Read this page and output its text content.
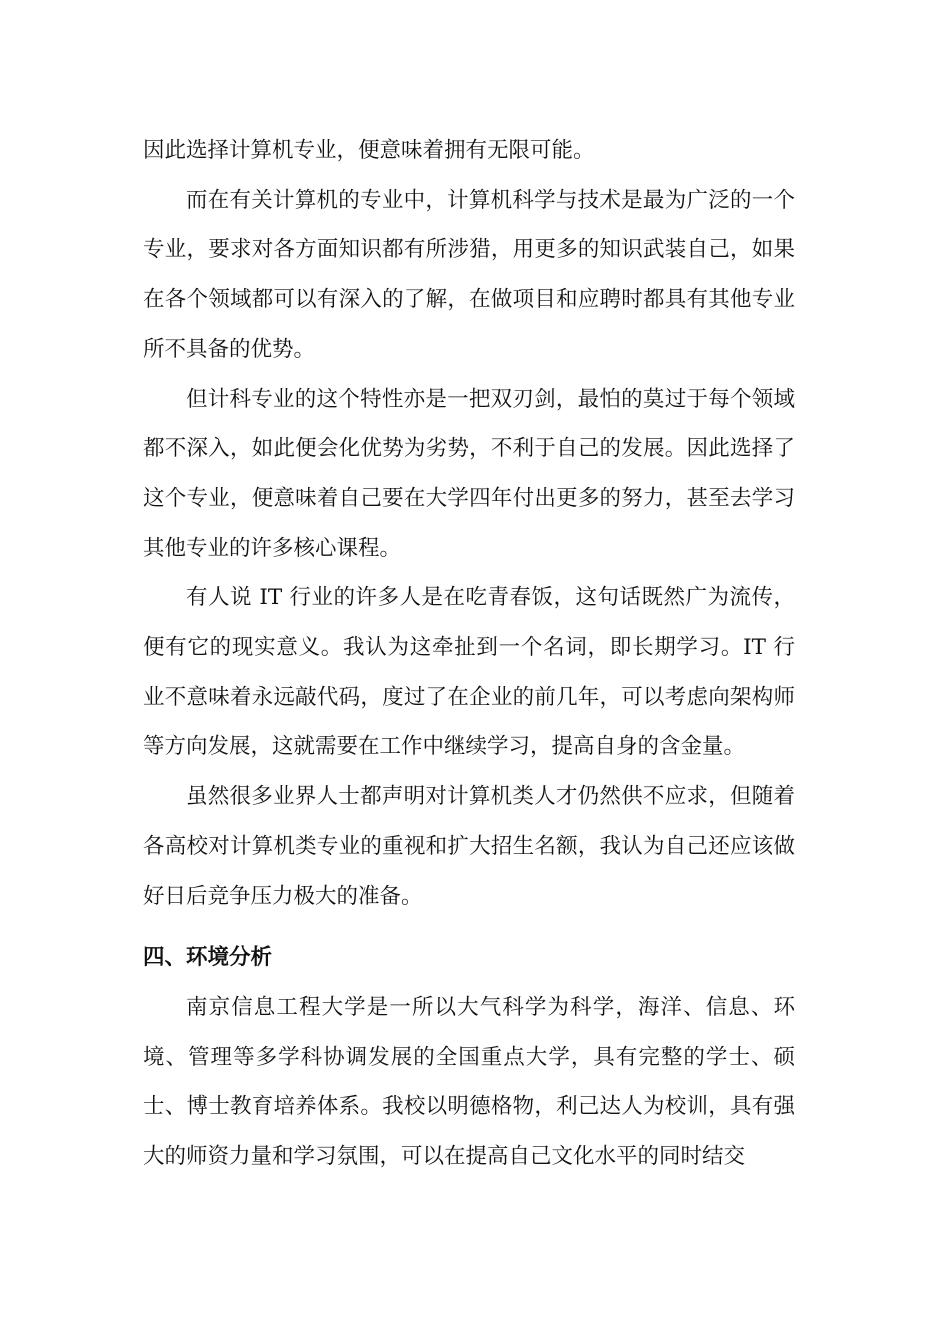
因此选择计算机专业，便意味着拥有无限可能。

而在有关计算机的专业中，计算机科学与技术是最为广泛的一个专业，要求对各方面知识都有所涉猎，用更多的知识武装自己，如果在各个领域都可以有深入的了解，在做项目和应聘时都具有其他专业所不具备的优势。

但计科专业的这个特性亦是一把双刃剑，最怕的莫过于每个领域都不深入，如此便会化优势为劣势，不利于自己的发展。因此选择了这个专业，便意味着自己要在大学四年付出更多的努力，甚至去学习其他专业的许多核心课程。

有人说 IT 行业的许多人是在吃青春饭，这句话既然广为流传，便有它的现实意义。我认为这牵扯到一个名词，即长期学习。IT 行业不意味着永远敲代码，度过了在企业的前几年，可以考虑向架构师等方向发展，这就需要在工作中继续学习，提高自身的含金量。

虽然很多业界人士都声明对计算机类人才仍然供不应求，但随着各高校对计算机类专业的重视和扩大招生名额，我认为自己还应该做好日后竞争压力极大的准备。

四、环境分析

南京信息工程大学是一所以大气科学为科学，海洋、信息、环境、管理等多学科协调发展的全国重点大学，具有完整的学士、硕士、博士教育培养体系。我校以明德格物，利己达人为校训，具有强大的师资力量和学习氛围，可以在提高自己文化水平的同时结交
